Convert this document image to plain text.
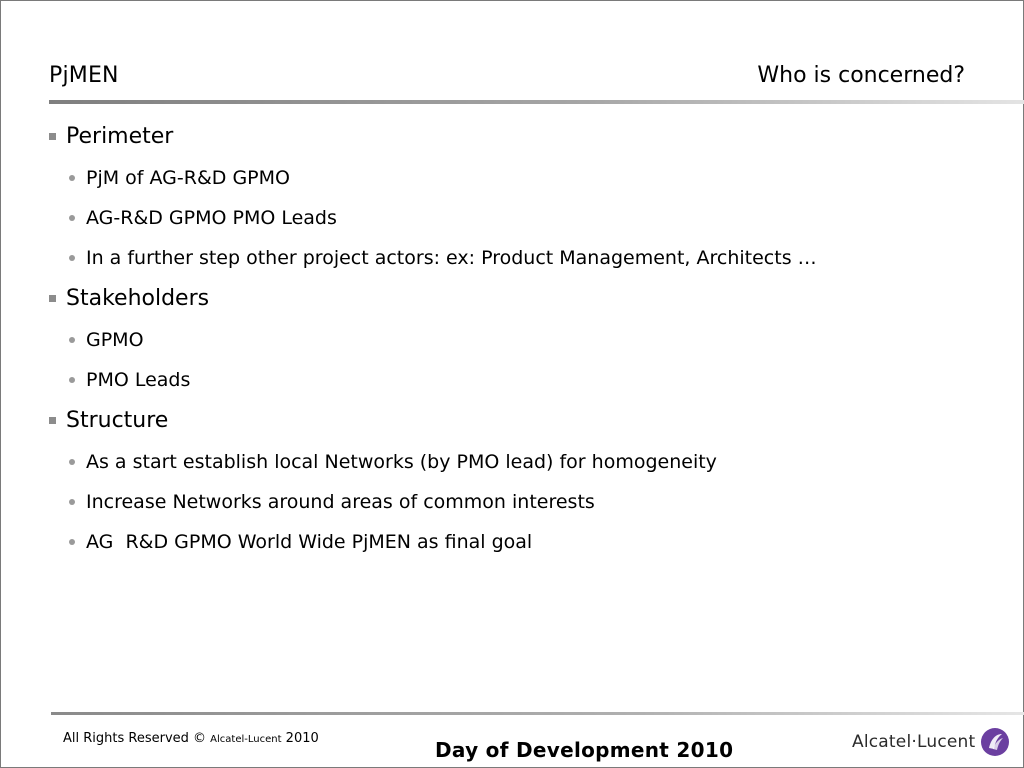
PjMEN	Who is concerned?
Perimeter
PjM of AG-R&D GPMO
AG-R&D GPMO PMO Leads
In a further step other project actors: ex: Product Management, Architects …
Stakeholders
GPMO
PMO Leads
Structure
As a start establish local Networks (by PMO lead) for homogeneity
Increase Networks around areas of common interests
AG  R&D GPMO World Wide PjMEN as final goal
All Rights Reserved © Alcatel-Lucent 2010	Day of Development 2010	Alcatel·Lucent
